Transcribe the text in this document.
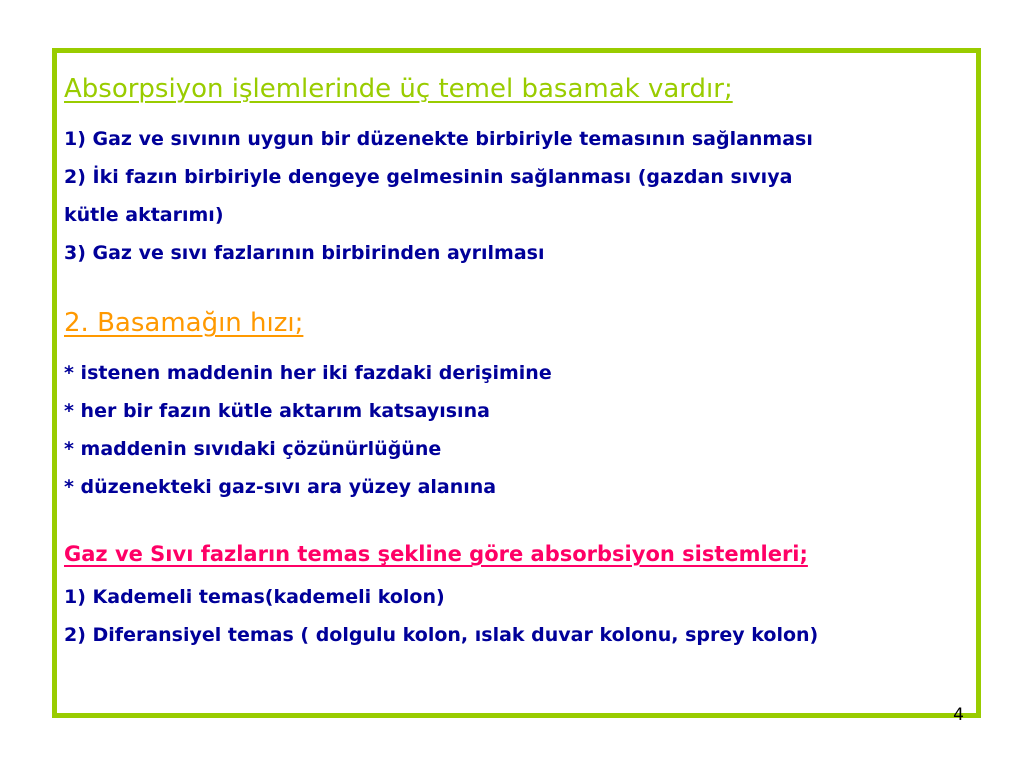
Absorpsiyon işlemlerinde üç temel basamak vardır;

1) Gaz ve sıvının uygun bir düzenekte birbiriyle temasının sağlanması

2) İki fazın birbiriyle dengeye gelmesinin sağlanması (gazdan sıvıya

kütle aktarımı)

3) Gaz ve sıvı fazlarının birbirinden ayrılması

2. Basamağın hızı;

* istenen maddenin her iki fazdaki derişimine

* her bir fazın kütle aktarım katsayısına

* maddenin sıvıdaki çözünürlüğüne

* düzenekteki gaz-sıvı ara yüzey alanına

Gaz ve Sıvı fazların temas şekline göre absorbsiyon sistemleri;

1) Kademeli temas(kademeli kolon)

2) Diferansiyel temas ( dolgulu kolon, ıslak duvar kolonu, sprey kolon)

4
